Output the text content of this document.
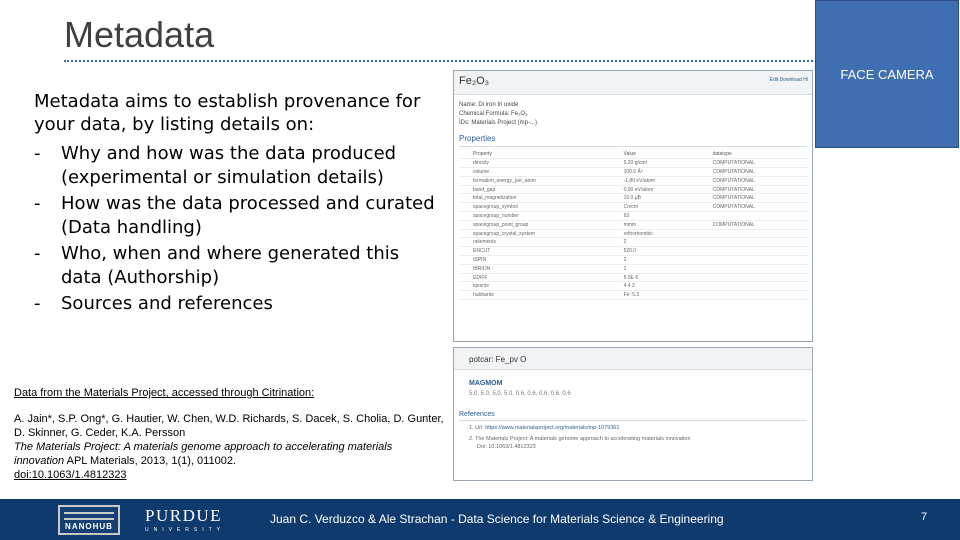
Metadata
FACE CAMERA
Metadata aims to establish provenance for your data, by listing details on:
- Why and how was the data produced (experimental or simulation details)
- How was the data processed and curated (Data handling)
- Who, when and where generated this data (Authorship)
- Sources and references
Data from the Materials Project, accessed through Citrination:
A. Jain*, S.P. Ong*, G. Hautier, W. Chen, W.D. Richards, S. Dacek, S. Cholia, D. Gunter, D. Skinner, G. Ceder, K.A. Persson
The Materials Project: A materials genome approach to accelerating materials innovation APL Materials, 2013, 1(1), 011002.
doi:10.1063/1.4812323
Fe₂O₃	Edit Download Hi
Name: Di iron tri oxide
Chemical Formula: Fe₂O₃
IDs: Materials Project (mp-...)
Properties
Property	Value	datatype
density	5.20 g/cm³	COMPUTATIONAL
volume	100.6 Å³	COMPUTATIONAL
formation_energy_per_atom	-1.80 eV/atom	COMPUTATIONAL
band_gap	0.00 eV/atom	COMPUTATIONAL
total_magnetization	15.0 μB	COMPUTATIONAL
spacegroup_symbol	Cmcm	COMPUTATIONAL
spacegroup_number	63	
spacegroup_point_group	mmm	COMPUTATIONAL
spacegroup_crystal_system	orthorhombic	
nelements	2	
ENCUT	520.0	
ISPIN	2	
IBRION	1	
EDIFF	5.0E-5	
kpoints	4 4 3	
hubbards	Fe: 5.3	
potcar: Fe_pv O
MAGMOM
5.0, 5.0, 5.0, 5.0, 0.6, 0.6, 0.6, 0.6, 0.6
References
1. Url: https://www.materialsproject.org/materials/mp-1079361
2. The Materials Project: A materials genome approach to accelerating materials innovation
Doi: 10.1063/1.4812323
NANOHUB
PURDUE
UNIVERSITY
Juan C. Verduzco & Ale Strachan - Data Science for Materials Science & Engineering	7
